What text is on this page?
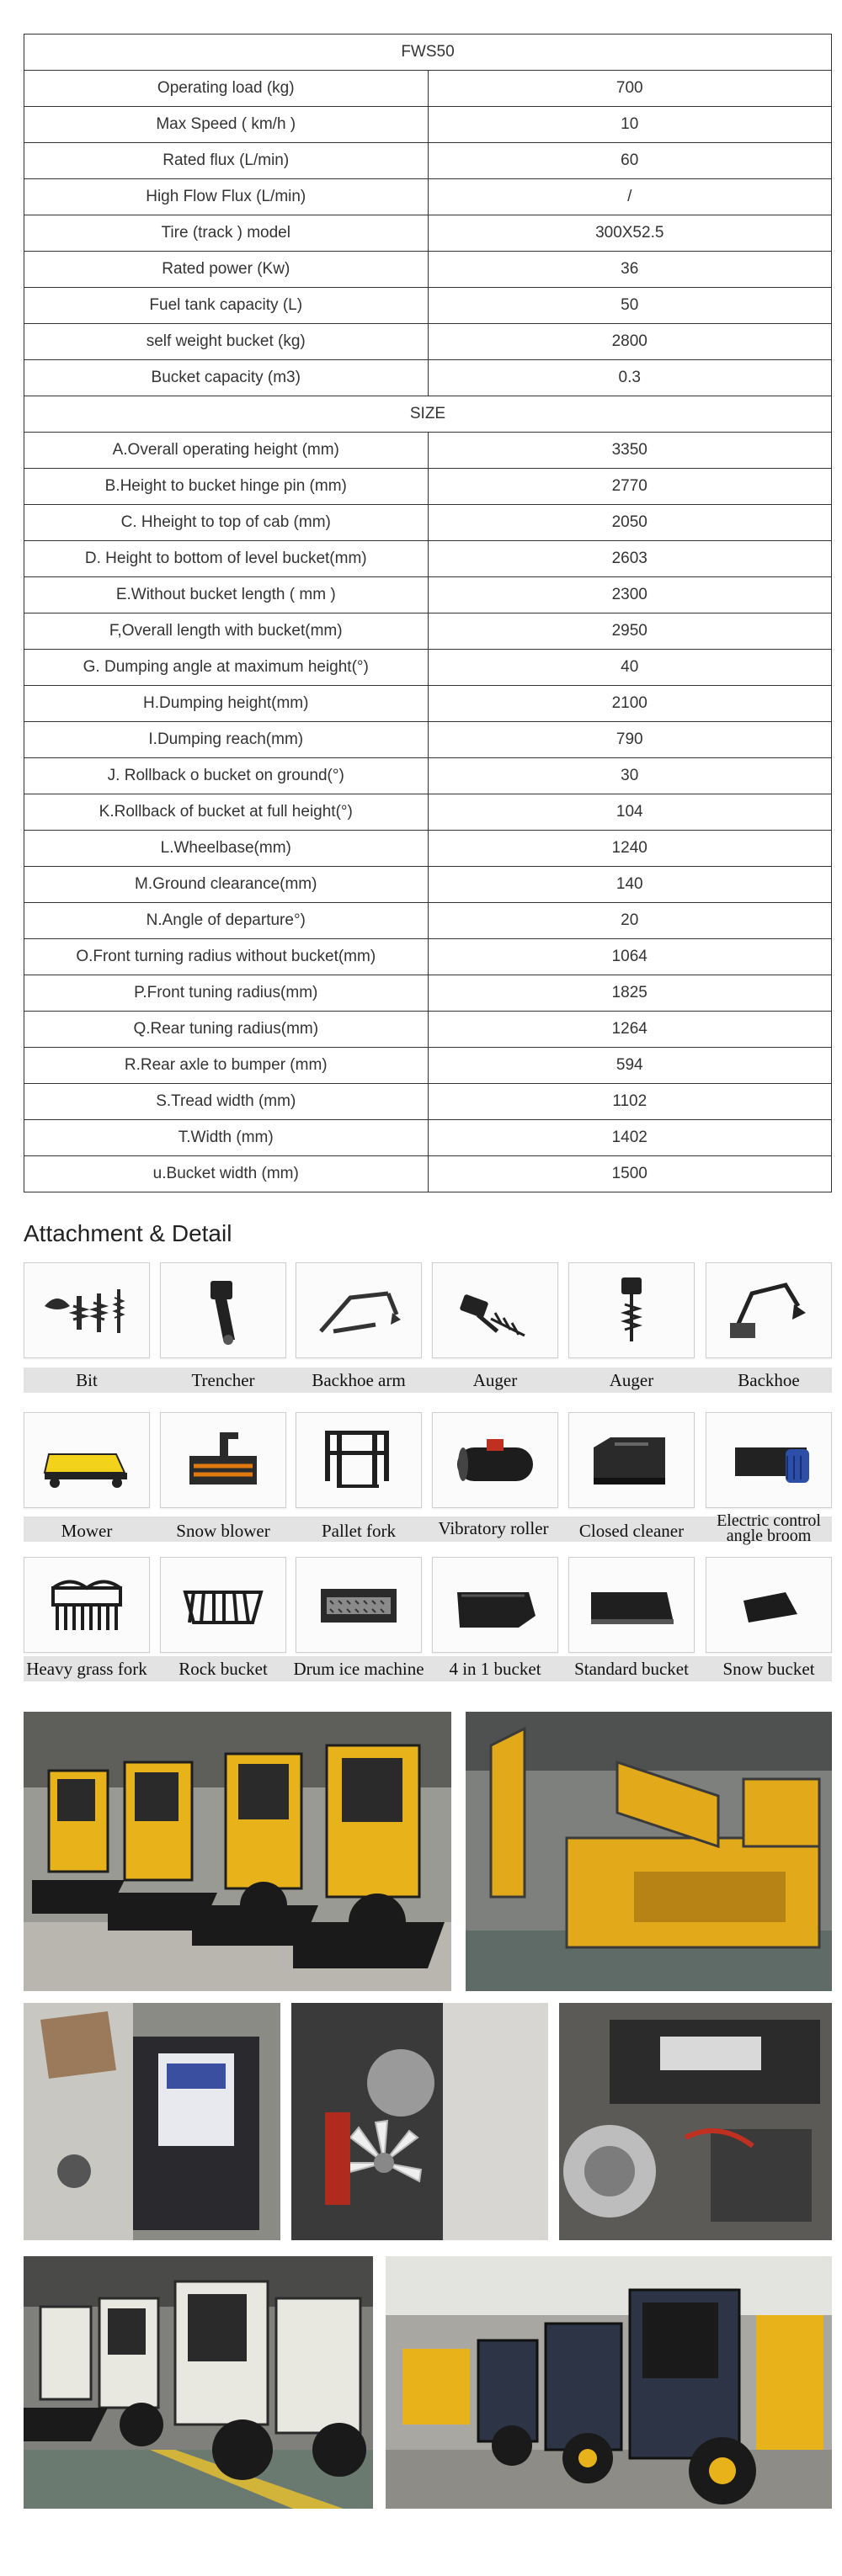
FWS50	
Operating load (kg)	700
Max Speed ( km/h )	10
Rated flux (L/min)	60
High Flow Flux (L/min)	/
Tire (track ) model	300X52.5
Rated power (Kw)	36
Fuel tank capacity (L)	50
self weight bucket (kg)	2800
Bucket capacity (m3)	0.3
SIZE	
A.Overall operating height (mm)	3350
B.Height to bucket hinge pin (mm)	2770
C. Hheight to top of cab (mm)	2050
D. Height to bottom of level bucket(mm)	2603
E.Without bucket length ( mm )	2300
F,Overall length with bucket(mm)	2950
G. Dumping angle at maximum height(°)	40
H.Dumping height(mm)	2100
I.Dumping reach(mm)	790
J. Rollback o bucket on ground(°)	30
K.Rollback of bucket at full height(°)	104
L.Wheelbase(mm)	1240
M.Ground clearance(mm)	140
N.Angle of departure°)	20
O.Front turning radius without bucket(mm)	1064
P.Front tuning radius(mm)	1825
Q.Rear tuning radius(mm)	1264
R.Rear axle to bumper (mm)	594
S.Tread width (mm)	1102
T.Width (mm)	1402
u.Bucket width (mm)	1500
Attachment & Detail
Bit	Trencher	Backhoe arm	Auger	Auger	Backhoe
Mower	Snow blower	Pallet fork	Vibratory roller	Closed cleaner	Electric control angle broom
Heavy grass fork	Rock bucket	Drum ice machine	4 in 1 bucket	Standard bucket	Snow bucket
